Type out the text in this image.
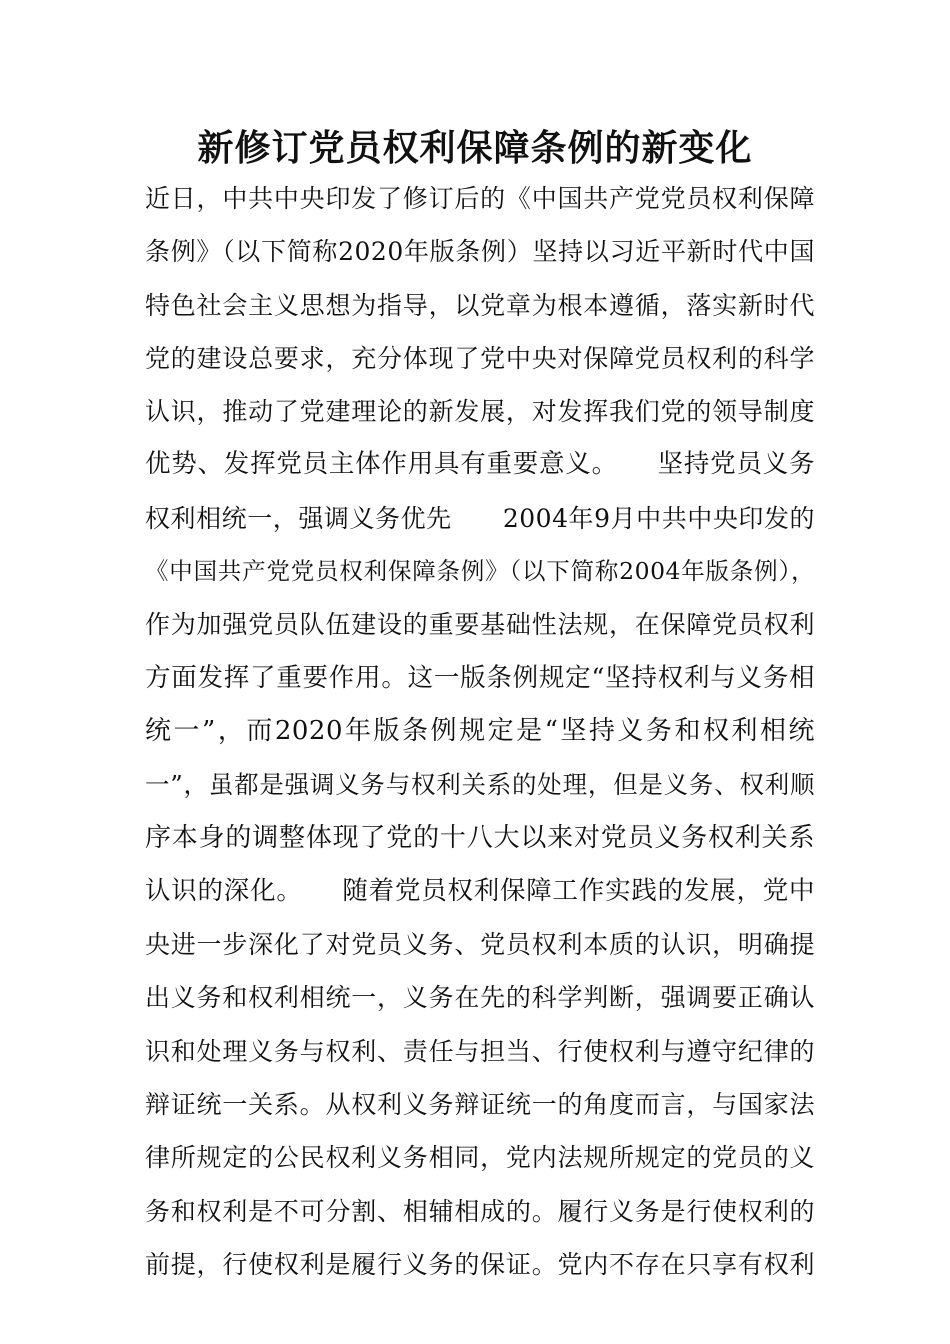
新修订党员权利保障条例的新变化
近日，中共中央印发了修订后的《中国共产党党员权利保障
条例》（以下简称2020年版条例）坚持以习近平新时代中国
特色社会主义思想为指导，以党章为根本遵循，落实新时代
党的建设总要求，充分体现了党中央对保障党员权利的科学
认识，推动了党建理论的新发展，对发挥我们党的领导制度
优势、发挥党员主体作用具有重要意义。　　坚持党员义务
权利相统一，强调义务优先　　2004年9月中共中央印发的
《中国共产党党员权利保障条例》（以下简称2004年版条例），
作为加强党员队伍建设的重要基础性法规，在保障党员权利
方面发挥了重要作用。这一版条例规定“坚持权利与义务相
统一”，而2020年版条例规定是“坚持义务和权利相统
一”，虽都是强调义务与权利关系的处理，但是义务、权利顺
序本身的调整体现了党的十八大以来对党员义务权利关系
认识的深化。　　随着党员权利保障工作实践的发展，党中
央进一步深化了对党员义务、党员权利本质的认识，明确提
出义务和权利相统一，义务在先的科学判断，强调要正确认
识和处理义务与权利、责任与担当、行使权利与遵守纪律的
辩证统一关系。从权利义务辩证统一的角度而言，与国家法
律所规定的公民权利义务相同，党内法规所规定的党员的义
务和权利是不可分割、相辅相成的。履行义务是行使权利的
前提，行使权利是履行义务的保证。党内不存在只享有权利
